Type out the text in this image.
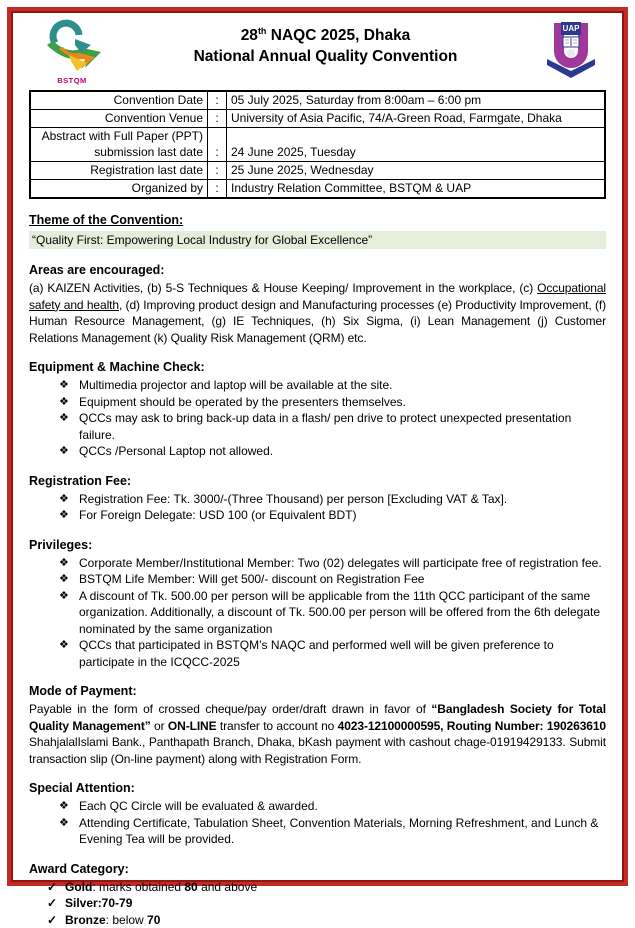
BSTQM
28th NAQC 2025, Dhaka
National Annual Quality Convention
UAP
Convention Date	:	05 July 2025, Saturday from 8:00am – 6:00 pm
Convention Venue	:	University of Asia Pacific, 74/A-Green Road, Farmgate, Dhaka
Abstract with Full Paper (PPT) submission last date	:	24 June 2025, Tuesday
Registration last date	:	25 June 2025, Wednesday
Organized by	:	Industry Relation Committee, BSTQM & UAP
Theme of the Convention:
“Quality First: Empowering Local Industry for Global Excellence”
Areas are encouraged:
(a) KAIZEN Activities, (b) 5-S Techniques & House Keeping/ Improvement in the workplace, (c) Occupational safety and health, (d) Improving product design and Manufacturing processes (e) Productivity Improvement, (f) Human Resource Management, (g) IE Techniques, (h) Six Sigma, (i) Lean Management (j) Customer Relations Management (k) Quality Risk Management (QRM) etc.
Equipment & Machine Check:
❖ Multimedia projector and laptop will be available at the site.
❖ Equipment should be operated by the presenters themselves.
❖ QCCs may ask to bring back-up data in a flash/ pen drive to protect unexpected presentation failure.
❖ QCCs /Personal Laptop not allowed.
Registration Fee:
❖ Registration Fee: Tk. 3000/-(Three Thousand) per person [Excluding VAT & Tax].
❖ For Foreign Delegate: USD 100 (or Equivalent BDT)
Privileges:
❖ Corporate Member/Institutional Member: Two (02) delegates will participate free of registration fee.
❖ BSTQM Life Member: Will get 500/- discount on Registration Fee
❖ A discount of Tk. 500.00 per person will be applicable from the 11th QCC participant of the same organization. Additionally, a discount of Tk. 500.00 per person will be offered from the 6th delegate nominated by the same organization
❖ QCCs that participated in BSTQM’s NAQC and performed well will be given preference to participate in the ICQCC-2025
Mode of Payment:
Payable in the form of crossed cheque/pay order/draft drawn in favor of “Bangladesh Society for Total Quality Management” or ON-LINE transfer to account no 4023-12100000595, Routing Number: 190263610 ShahjalalIslami Bank., Panthapath Branch, Dhaka, bKash payment with cashout chage-01919429133. Submit transaction slip (On-line payment) along with Registration Form.
Special Attention:
❖ Each QC Circle will be evaluated & awarded.
❖ Attending Certificate, Tabulation Sheet, Convention Materials, Morning Refreshment, and Lunch & Evening Tea will be provided.
Award Category:
✓ Gold: marks obtained 80 and above
✓ Silver:70-79
✓ Bronze: below 70
